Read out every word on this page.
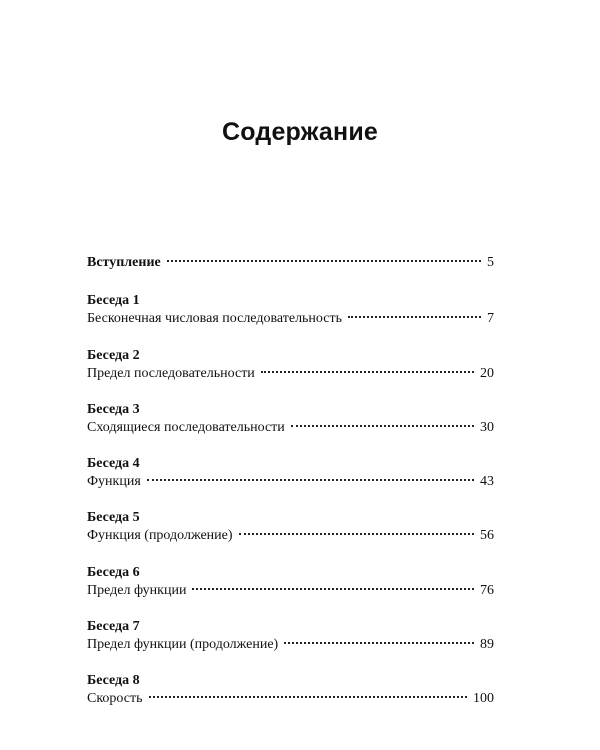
Содержание
Вступление	5
Беседа 1
Бесконечная числовая последовательность	7
Беседа 2
Предел последовательности	20
Беседа 3
Сходящиеся последовательности	30
Беседа 4
Функция	43
Беседа 5
Функция (продолжение)	56
Беседа 6
Предел функции	76
Беседа 7
Предел функции (продолжение)	89
Беседа 8
Скорость	100
